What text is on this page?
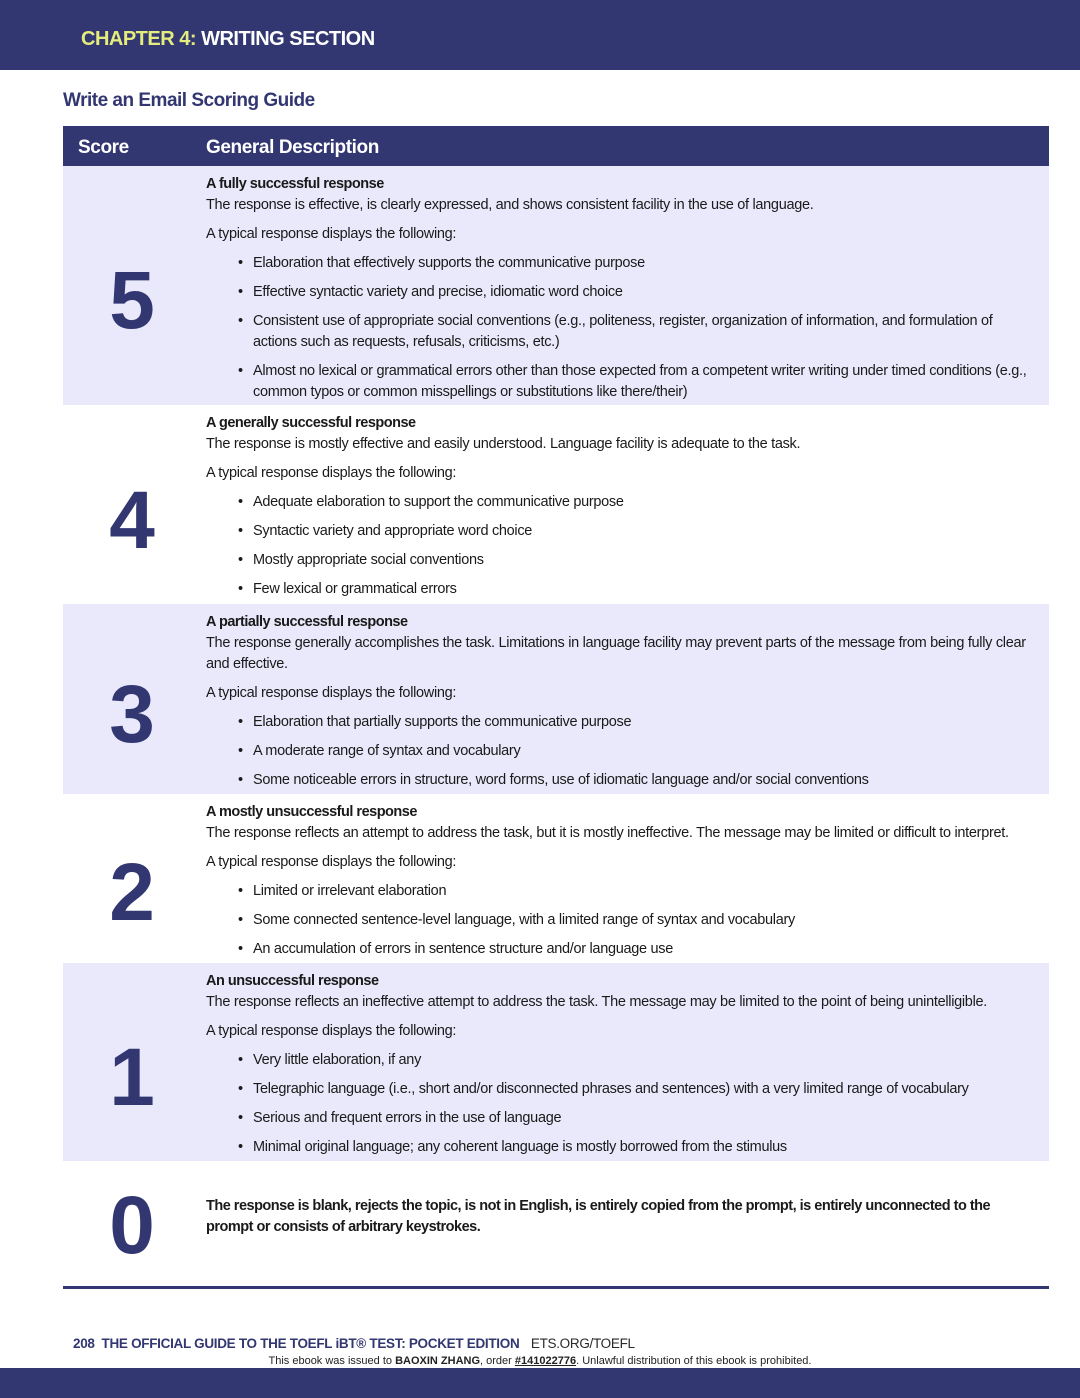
CHAPTER 4: WRITING SECTION
Write an Email Scoring Guide
Score	General Description
5
A fully successful response
The response is effective, is clearly expressed, and shows consistent facility in the use of language.
A typical response displays the following:
• Elaboration that effectively supports the communicative purpose
• Effective syntactic variety and precise, idiomatic word choice
• Consistent use of appropriate social conventions (e.g., politeness, register, organization of information, and formulation of actions such as requests, refusals, criticisms, etc.)
• Almost no lexical or grammatical errors other than those expected from a competent writer writing under timed conditions (e.g., common typos or common misspellings or substitutions like there/their)
4
A generally successful response
The response is mostly effective and easily understood. Language facility is adequate to the task.
A typical response displays the following:
• Adequate elaboration to support the communicative purpose
• Syntactic variety and appropriate word choice
• Mostly appropriate social conventions
• Few lexical or grammatical errors
3
A partially successful response
The response generally accomplishes the task. Limitations in language facility may prevent parts of the message from being fully clear and effective.
A typical response displays the following:
• Elaboration that partially supports the communicative purpose
• A moderate range of syntax and vocabulary
• Some noticeable errors in structure, word forms, use of idiomatic language and/or social conventions
2
A mostly unsuccessful response
The response reflects an attempt to address the task, but it is mostly ineffective. The message may be limited or difficult to interpret.
A typical response displays the following:
• Limited or irrelevant elaboration
• Some connected sentence-level language, with a limited range of syntax and vocabulary
• An accumulation of errors in sentence structure and/or language use
1
An unsuccessful response
The response reflects an ineffective attempt to address the task. The message may be limited to the point of being unintelligible.
A typical response displays the following:
• Very little elaboration, if any
• Telegraphic language (i.e., short and/or disconnected phrases and sentences) with a very limited range of vocabulary
• Serious and frequent errors in the use of language
• Minimal original language; any coherent language is mostly borrowed from the stimulus
0	The response is blank, rejects the topic, is not in English, is entirely copied from the prompt, is entirely unconnected to the prompt or consists of arbitrary keystrokes.
208 THE OFFICIAL GUIDE TO THE TOEFL iBT® TEST: POCKET EDITION ETS.ORG/TOEFL
This ebook was issued to BAOXIN ZHANG, order #141022776. Unlawful distribution of this ebook is prohibited.
